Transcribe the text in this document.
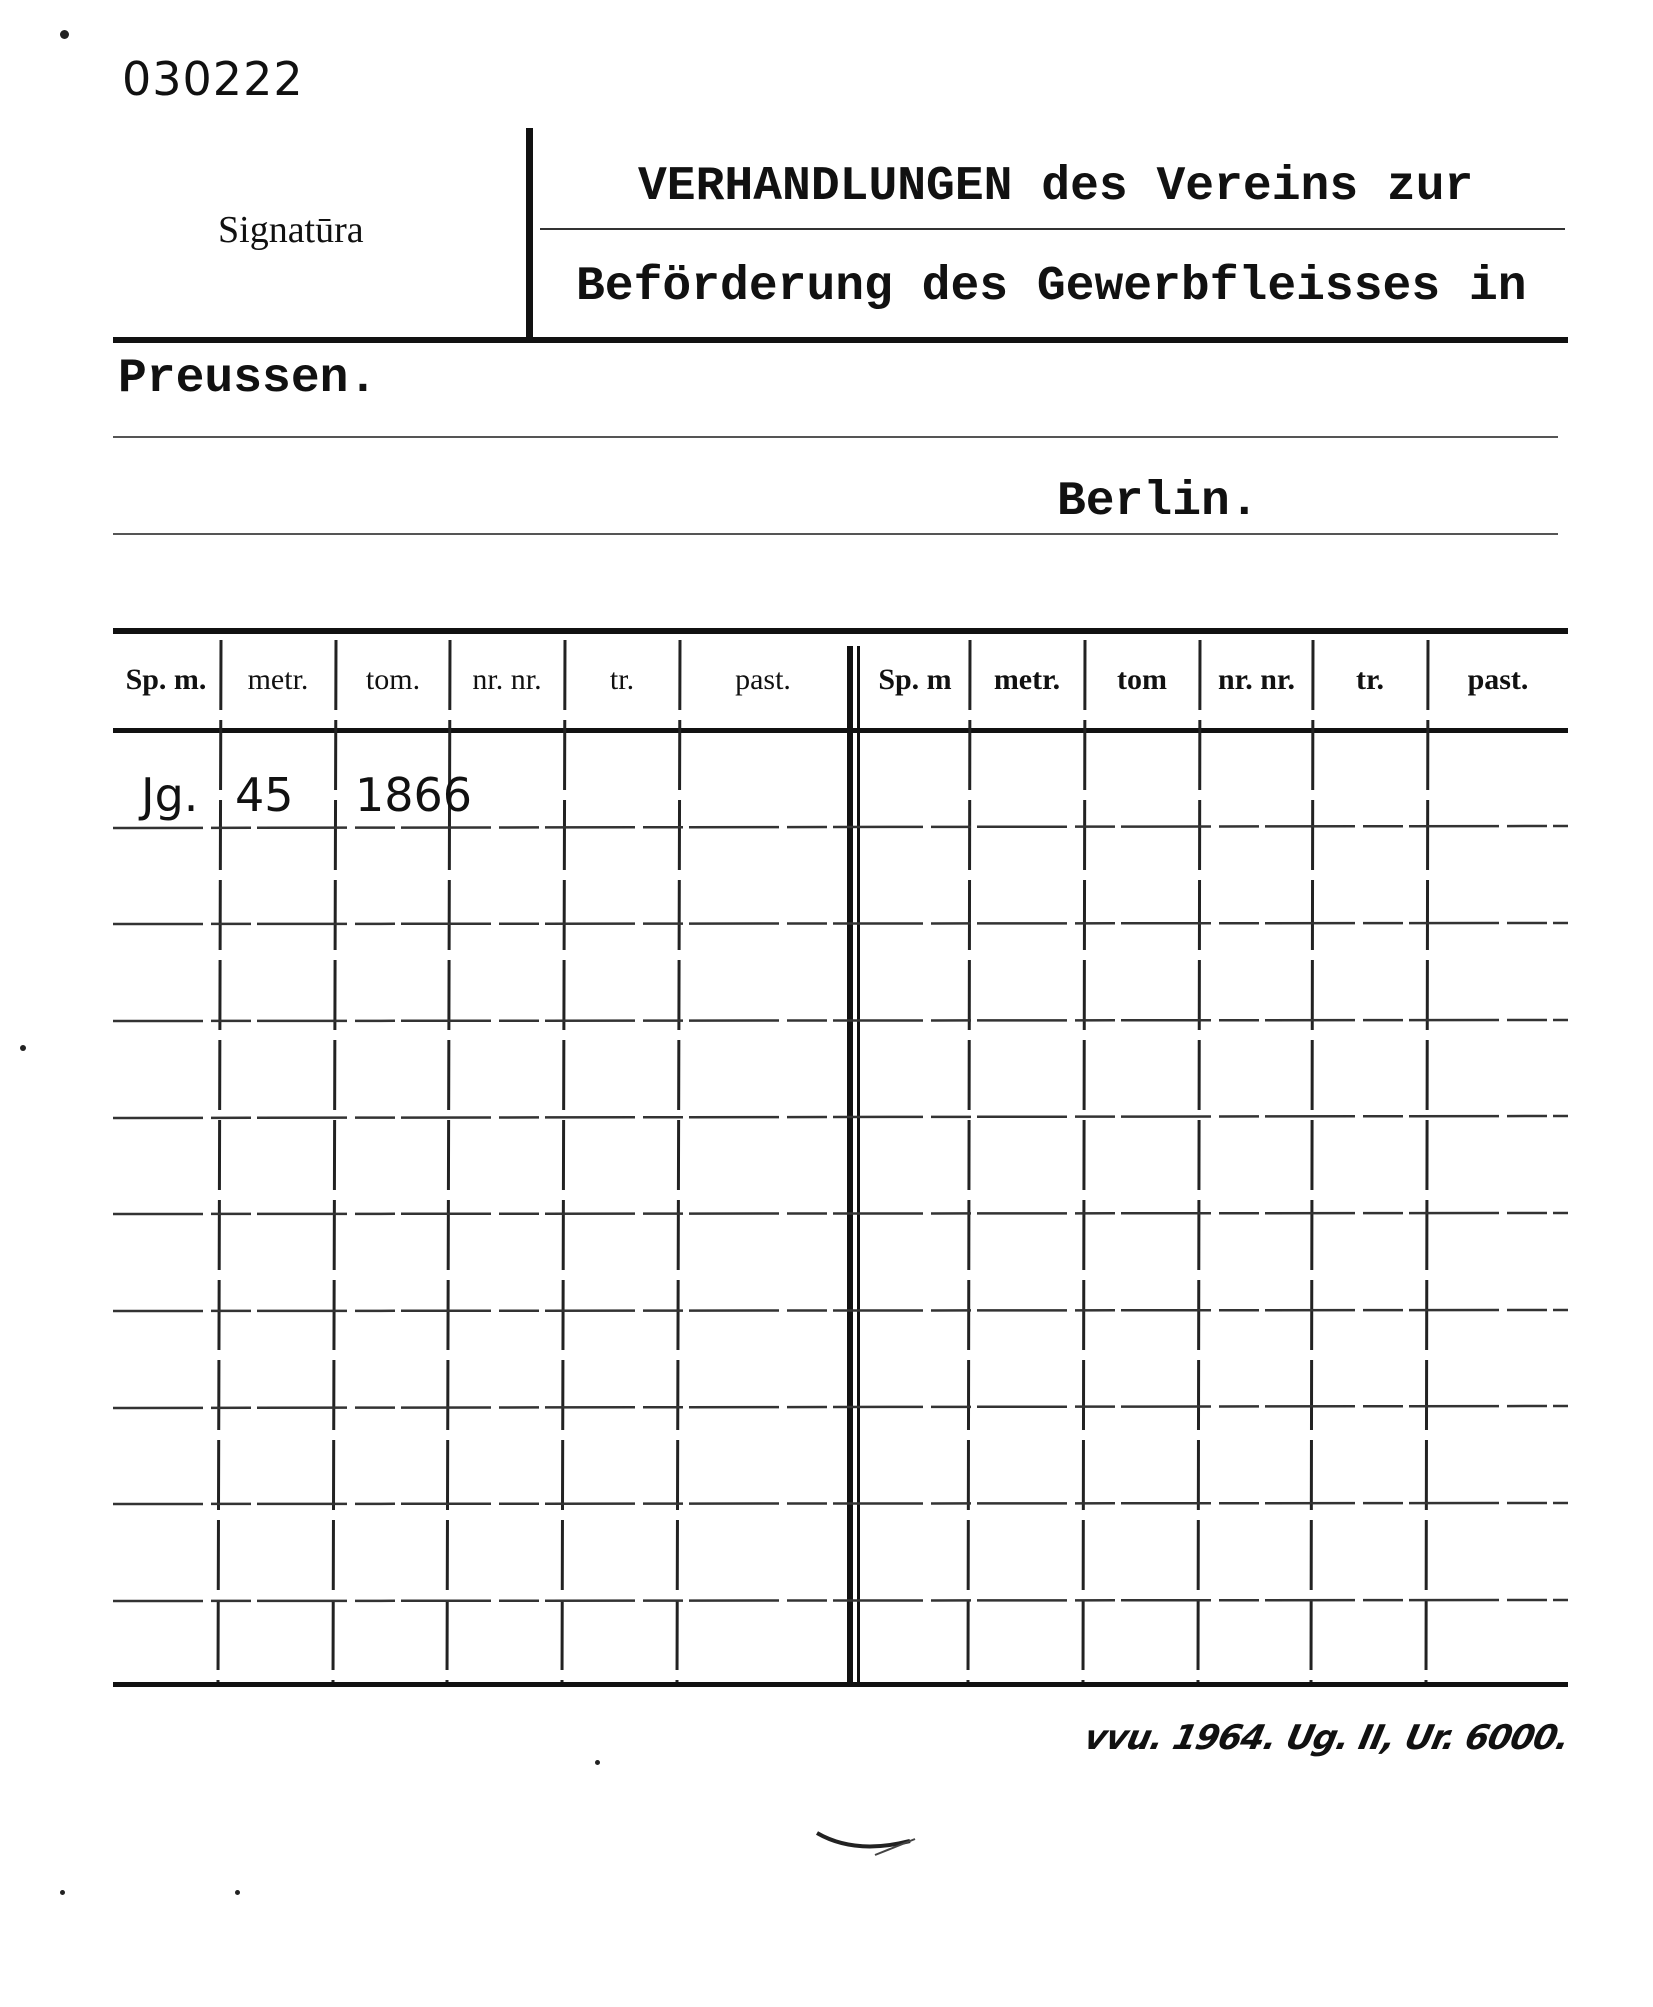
030222
Signatūra
VERHANDLUNGEN des Vereins zur
Beförderung des Gewerbfleisses in
Preussen.
Berlin.
Sp. m.	metr.	tom.	nr. nr.	tr.	past.	Sp. m	metr.	tom	nr. nr.	tr.	past.
Jg. 45 1866
vvu. 1964. Ug. II, Ur. 6000.
